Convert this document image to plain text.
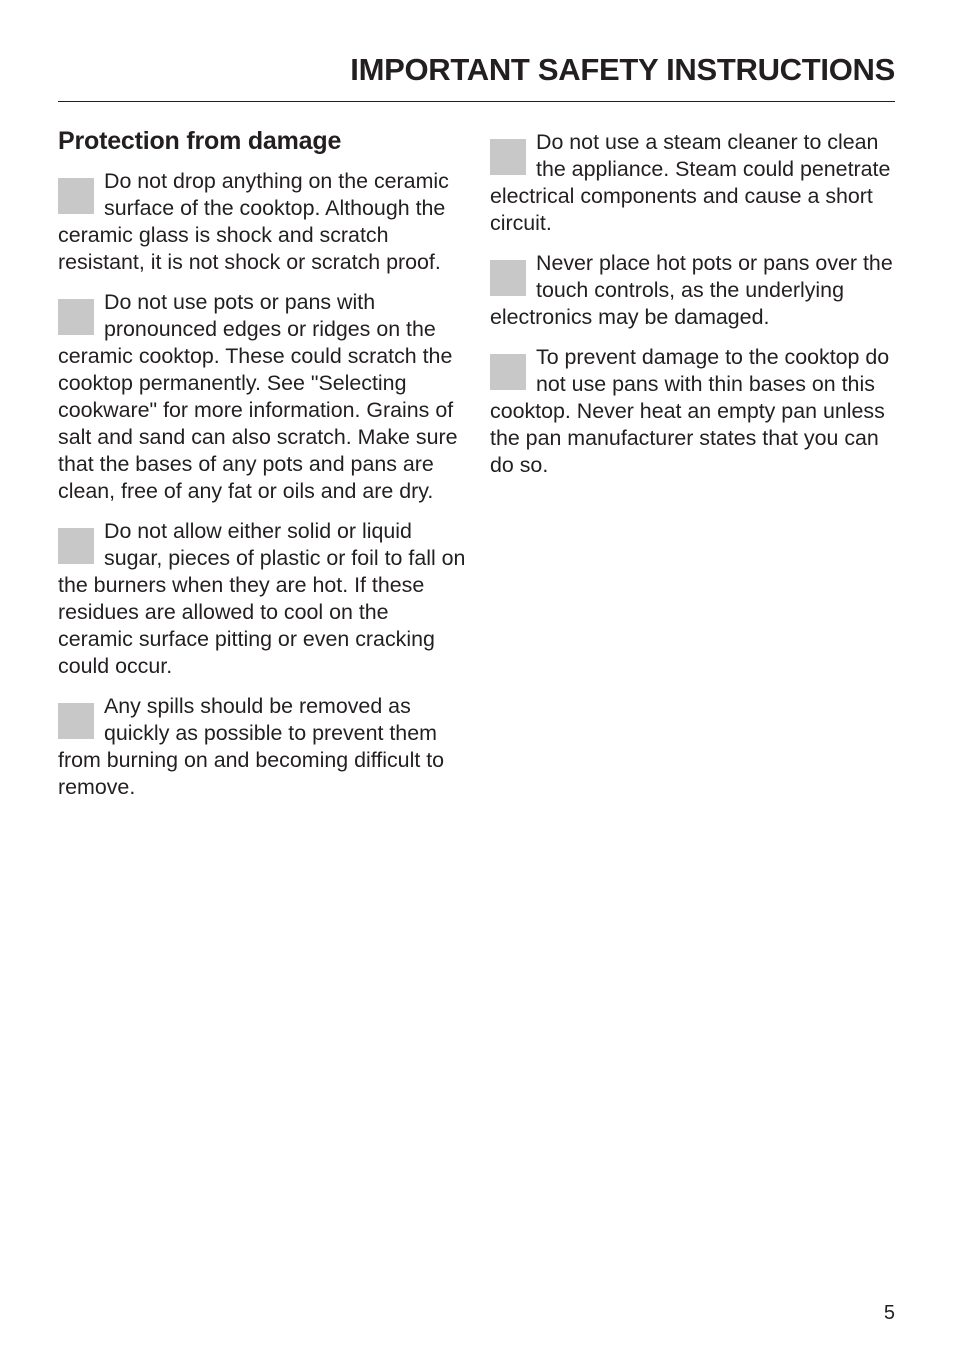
IMPORTANT SAFETY INSTRUCTIONS
Protection from damage

Do not drop anything on the ceramic surface of the cooktop. Although the ceramic glass is shock and scratch resistant, it is not shock or scratch proof.

Do not use pots or pans with pronounced edges or ridges on the ceramic cooktop. These could scratch the cooktop permanently. See "Selecting cookware" for more information. Grains of salt and sand can also scratch. Make sure that the bases of any pots and pans are clean, free of any fat or oils and are dry.

Do not allow either solid or liquid sugar, pieces of plastic or foil to fall on the burners when they are hot. If these residues are allowed to cool on the ceramic surface pitting or even cracking could occur.

Any spills should be removed as quickly as possible to prevent them from burning on and becoming difficult to remove.

Do not use a steam cleaner to clean the appliance. Steam could penetrate electrical components and cause a short circuit.

Never place hot pots or pans over the touch controls, as the underlying electronics may be damaged.

To prevent damage to the cooktop do not use pans with thin bases on this cooktop. Never heat an empty pan unless the pan manufacturer states that you can do so.

5
